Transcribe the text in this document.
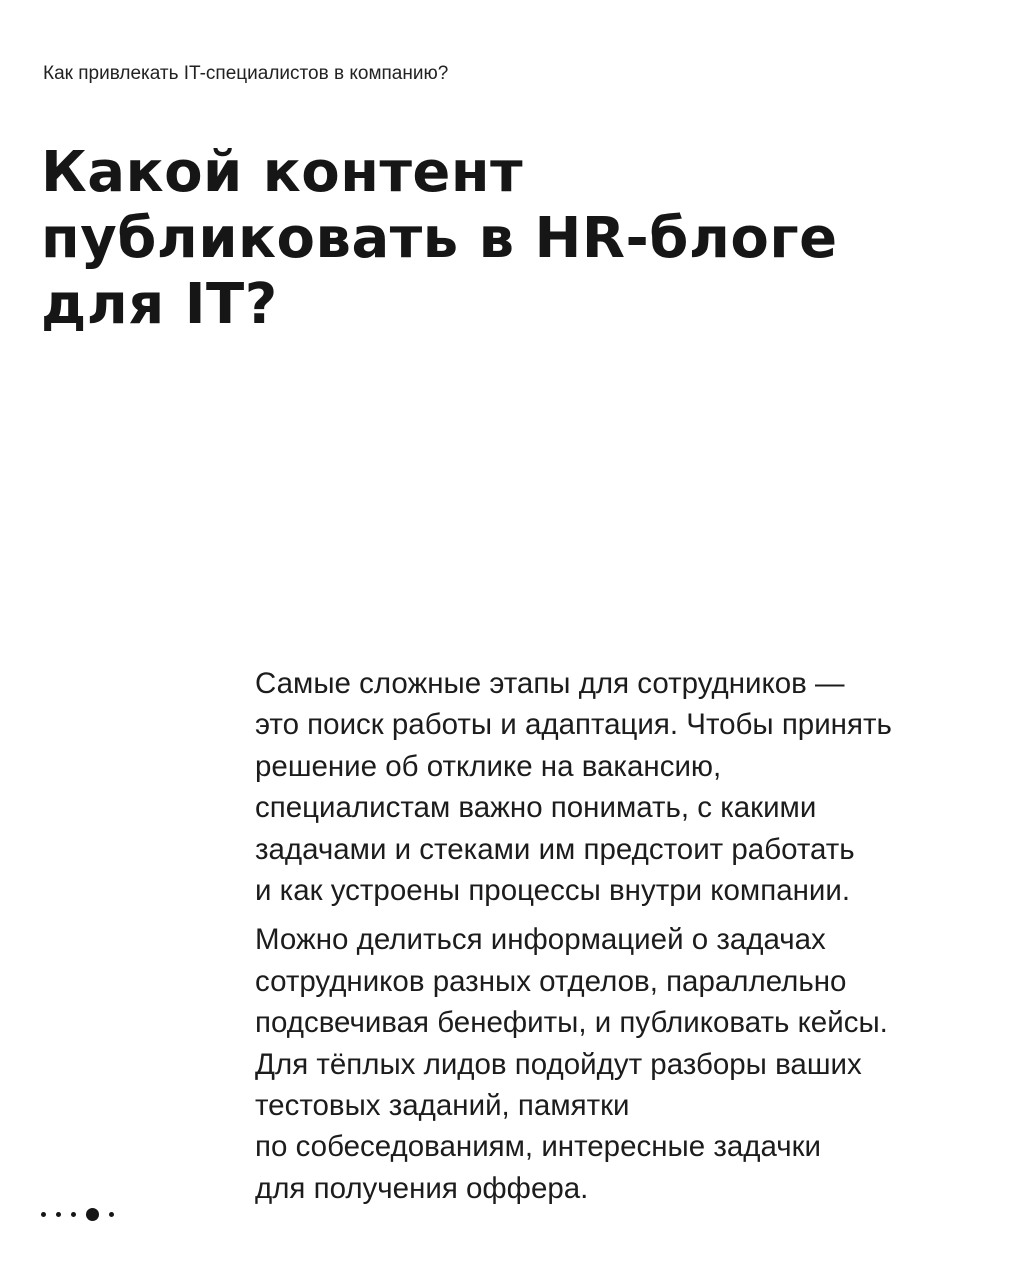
Как привлекать IT-специалистов в компанию?
Какой контент
публиковать в HR-блоге
для IT?

Самые сложные этапы для сотрудников —
это поиск работы и адаптация. Чтобы принять
решение об отклике на вакансию,
специалистам важно понимать, с какими
задачами и стеками им предстоит работать
и как устроены процессы внутри компании.

Можно делиться информацией о задачах
сотрудников разных отделов, параллельно
подсвечивая бенефиты, и публиковать кейсы.
Для тёплых лидов подойдут разборы ваших
тестовых заданий, памятки
по собеседованиям, интересные задачки
для получения оффера.
